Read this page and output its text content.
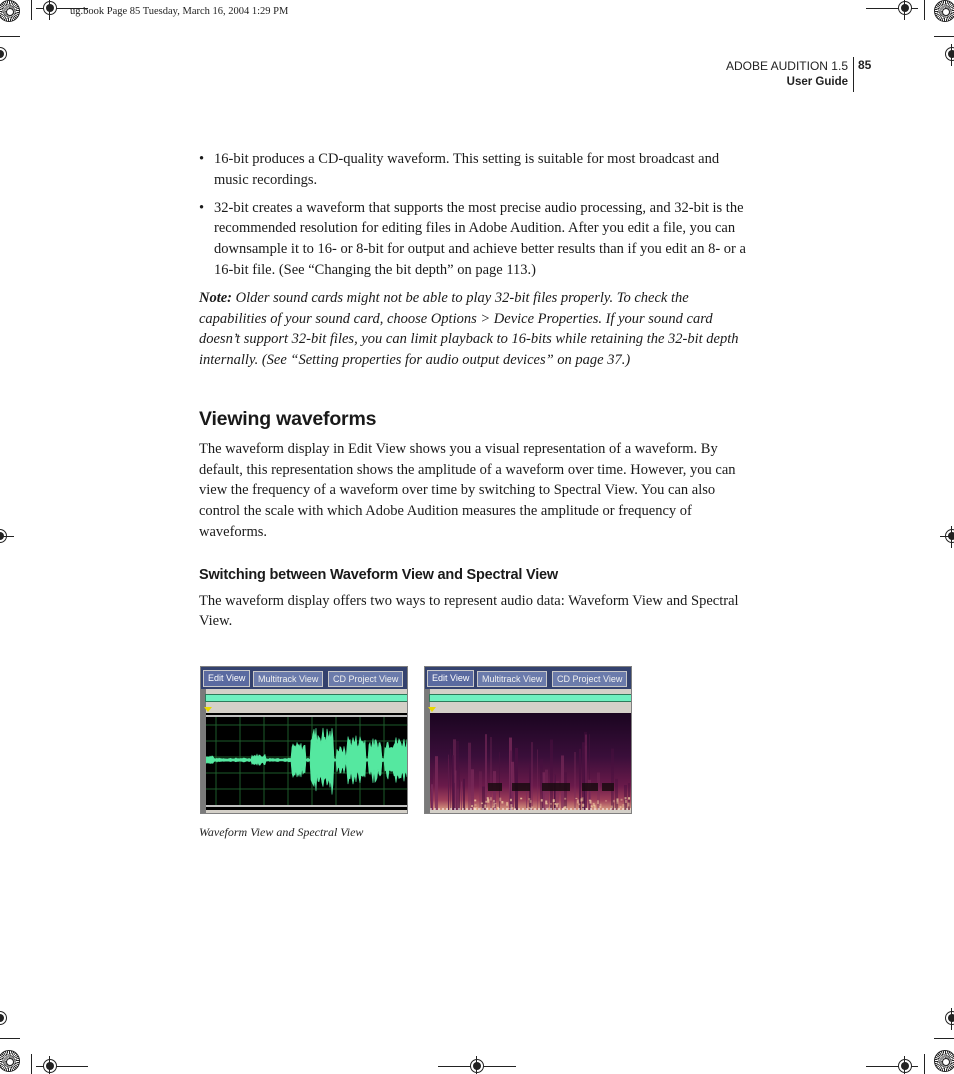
ug.book Page 85 Tuesday, March 16, 2004 1:29 PM
ADOBE AUDITION 1.5
User Guide
85
• 16-bit produces a CD-quality waveform. This setting is suitable for most broadcast and music recordings.
• 32-bit creates a waveform that supports the most precise audio processing, and 32-bit is the recommended resolution for editing files in Adobe Audition. After you edit a file, you can downsample it to 16- or 8-bit for output and achieve better results than if you edit an 8- or a 16-bit file. (See “Changing the bit depth” on page 113.)

Note: Older sound cards might not be able to play 32-bit files properly. To check the capabilities of your sound card, choose Options > Device Properties. If your sound card doesn’t support 32-bit files, you can limit playback to 16-bits while retaining the 32-bit depth internally. (See “Setting properties for audio output devices” on page 37.)

Viewing waveforms

The waveform display in Edit View shows you a visual representation of a waveform. By default, this representation shows the amplitude of a waveform over time. However, you can view the frequency of a waveform over time by switching to Spectral View. You can also control the scale with which Adobe Audition measures the amplitude or frequency of waveforms.

Switching between Waveform View and Spectral View

The waveform display offers two ways to represent audio data: Waveform View and Spectral View.

Edit View	Multitrack View	CD Project View	Edit View	Multitrack View	CD Project View
Waveform View and Spectral View
